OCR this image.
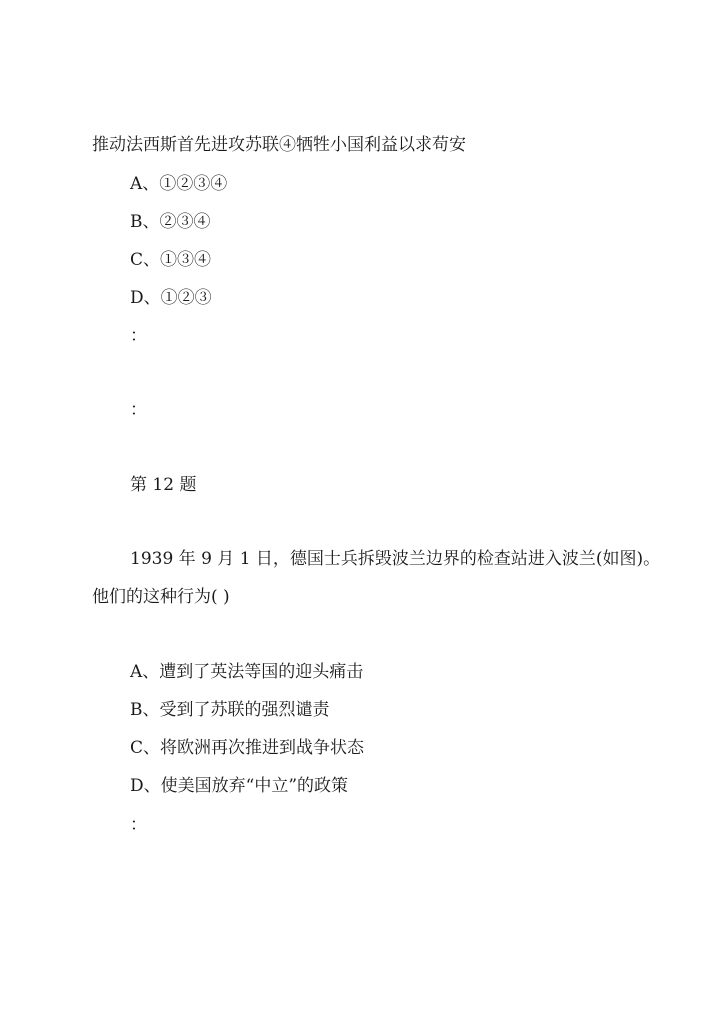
推动法西斯首先进攻苏联④牺牲小国利益以求苟安
A、①②③④
B、②③④
C、①③④
D、①②③
：
：
第 12 题
1939 年 9 月 1 日，德国士兵拆毁波兰边界的检查站进入波兰(如图)。
他们的这种行为( )
A、遭到了英法等国的迎头痛击
B、受到了苏联的强烈谴责
C、将欧洲再次推进到战争状态
D、使美国放弃“中立”的政策
：
